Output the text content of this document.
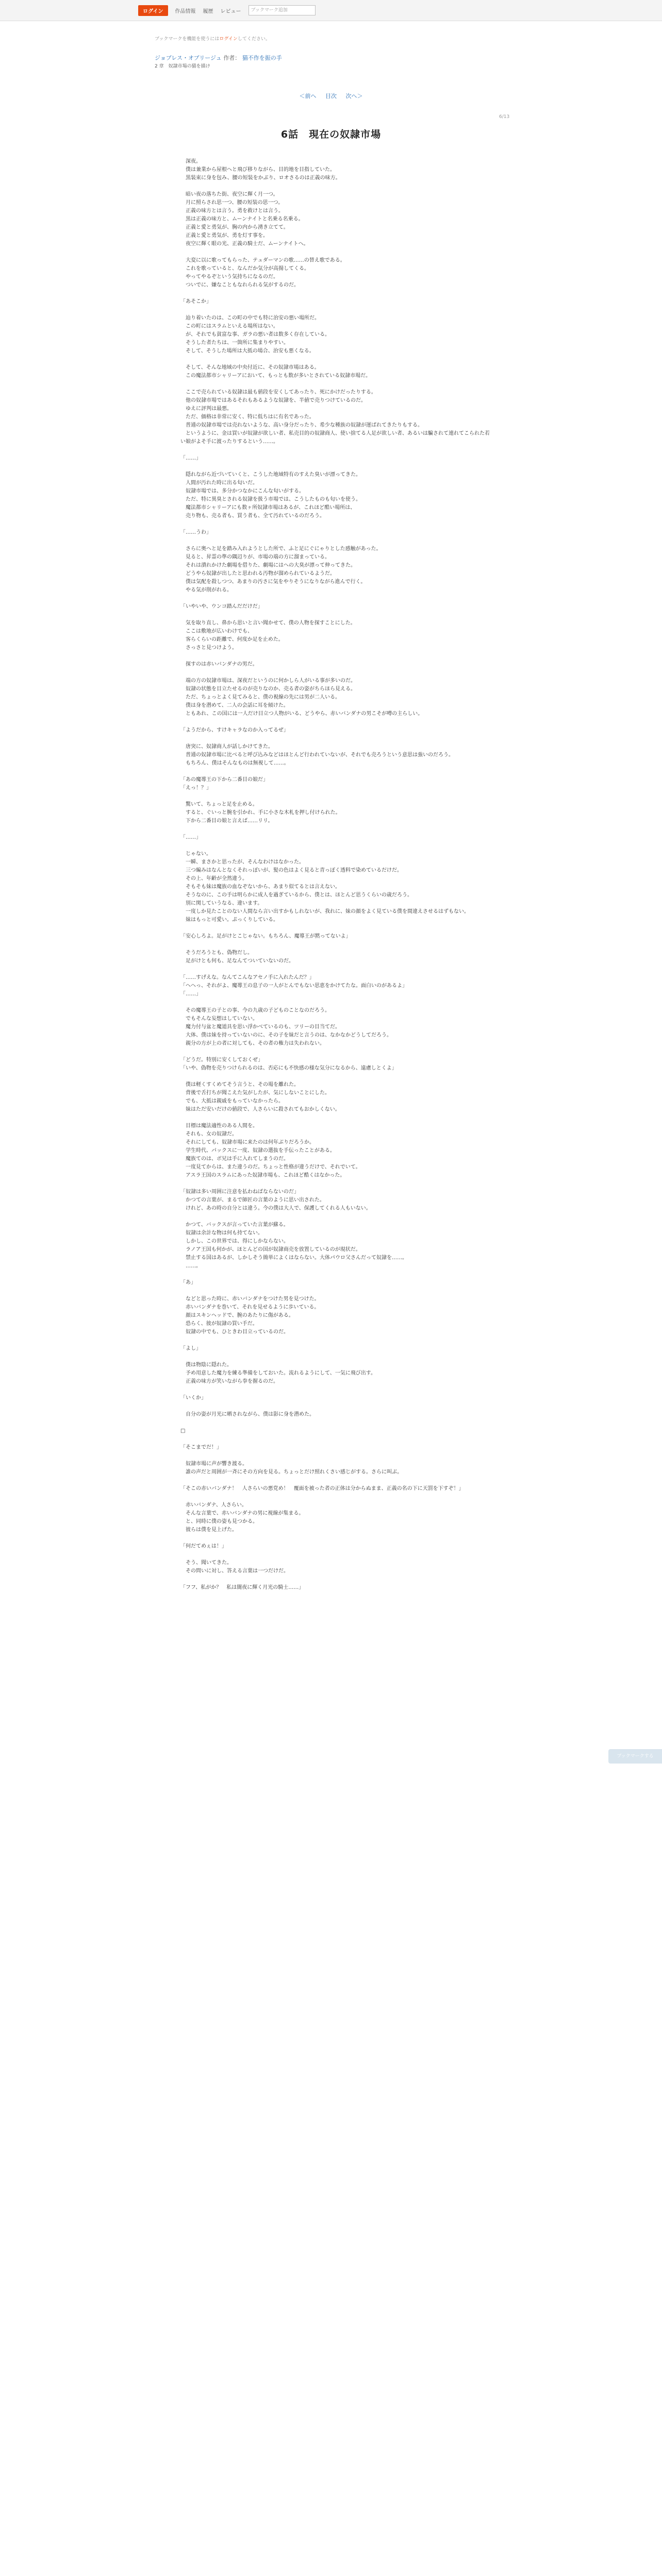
ログイン	作品情報 履歴 レビュー	ブックマーク追加
ブックマークを機能を使うにはログインしてください。
ジョブレス・オブリージュ 作者： 猫不作を振の手
2 章　奴隷市場の猫を描け
＜前へ 目次 次へ＞
6/13
6話　現在の奴隷市場

　深夜。

　僕は兼業から屋根へと飛び移りながら、目的地を目指していた。

　黒装束に身を包み、腰の短装をかぶり、ロオさるのは正義の味方。

　暗い夜の落ちた街、夜空に輝く月一つ。

　月に照らされ思一つ、腰の短装の思一つ。

　正義の味方とは言う。勇を救けとは言う。

　黒は正義の味方と、ムーンナイトと名乗る名乗る。

　正義と愛と勇気が、胸の内から湧き立てて。

　正義と愛と勇気が、勇を灯す事を。

　夜空に輝く眼の光、正義の騎士だ、ムーンナイトへ。

　大変に以に歌ってもらった、テュダーマンの歌……の替え歌である。

　これを歌っていると、なんだか気分が高揚してくる。

　やってやるぞという気持ちになるのだ。

　ついでに、嫌なこともなれられる気がするのだ。

「あそこか」

　辿り着いたのは、この町の中でも特に治安の悪い場所だ。

　この町にはスラムといえる場所はない。

　が、それでも貧富な事、ガラの悪い者は数多く存在している。

　そうした者たちは、一箇所に集まりやすい。

　そして、そうした場所は大抵の場合、治安も悪くなる。

　そして、そんな地域の中央付近に、その奴隷市場はある。

　この魔法都市シャリーアにおいて、もっとも数が多いとされている奴隷市場だ。

　ここで売られている奴隷は最も値段を安くしてあったり、死にかけだったりする。

　他の奴隷市場ではあるそれもあるような奴隷を、半値で売りつけているのだ。

　ゆえに評判は最悪。

　ただ、価格は非常に安く、特に低ちはに有名であった。

　普通の奴隷市場では売れないような、高い身分だったり、希少な種族の奴隷が運ばれてきたりもする。

　というように、金は買いが奴隷が欲しい者、私売目的の奴隷商人、使い捨てる人足が欲しい者、あるいは騙されて連れてこられた若い娘がよそ手に渡ったりするという……。

「……」

　隠れながら近づいていくと、こうした地域特有のすえた臭いが漂ってきた。

　人間が汚れた時に出る匂いだ。

　奴隷市場では、多分かつなかにこんな匂いがする。

　ただ、特に異臭とされる奴隷を扱う市場では、こうしたものも匂いを使う。

　魔法都市シャリーアにも数ヶ所奴隷市場はあるが、これほど酷い場所は、

　売り物も、売る者も、買う者も、全て汚れているのだろう。

「……うわ」

　さらに奥へと足を踏み入れようとした所で、ふと足にぐにゃりとした感触があった。

　見ると、昇霊の準の隅辺りが、市場の端の方に溜まっている。

　それは潰れかけた劇場を借りた、劇場にはへの大臭が漂って伸ってきた。

　どうやら奴隷が出したと思われる汚物が溜められているようだ。

　僕は気配を殺しつつ、あまりの汚さに気をやりそうになりながら進んで行く。

　やる気が削がれる。

「いやいや、ウンコ踏んだだけだ」

　気を取り直し、鼻から思いと言い聞かせて、僕の人物を探すことにした。

　ここは敷地が広いわけでも、

　客らくらいの距離で、何度か足を止めた。

　さっさと見つけよう。

　探すのは赤いバンダナの男だ。

　端の方の奴隷市場は、深夜だというのに何かしら人がいる事が多いのだ。

　奴隷の状態を目立たせるのが売りなのか、売る者の姿がちらほら見える。

　ただ、ちょっとよく見てみると、僕の視線の先には男が二人いる。

　僕は身を潜めて、二人の会話に耳を傾けた。

　ともあれ、この国には一人だけ目立つ人物がいる、どうやら、赤いバンダナの男こそが噂の主らしい。

「ようだから、すけキャラなのか入ってるぜ」

　唐突に、奴隷商人が話しかけてきた。

　普通の奴隷市場に比べると呼び込みなどはほとんど行われていないが、それでも売ろうという意思は強いのだろう。

　もちろん、僕はそんなものは無視して……。

「あの魔導王の下から二番目の娘だ」

「えっ！？」

　驚いて、ちょっと足を止める。

　すると、ぐいっと腕を引かれ、手に小さな木札を押し付けられた。

　下から二番目の娘と言えば……リリ。

「……」

　じゃない。

　一瞬、まさかと思ったが、そんなわけはなかった。

　三つ編みはなんとなくそれっぽいが、髪の色はよく見ると青っぽく透料で染めているだけだ。

　その上、年齢が全然違う。

　そもそも妹は魔族の血なぞないから、あまり似てるとは言えない。

　そうなのに、この手は明らかに成人を過ぎているから、僕とは、ほとんど思うくらいの歳だろう。

　別に関していうなる、違います。

　一度しか見たことのない人間なら言い出すかもしれないが、我れに、妹の顔をよく見ている僕を間違えさせるはずもない。

　妹はもっと可愛い。ぷっくりしている。

「安心しろよ。足がけとこじゃない。もちろん、魔導王が黙ってないよ」

　そうだろうとも、偽物だし。

　足がけとも何も、足なんてついていないのだ。

「……すげえな。なんてこんなアセノ手に入れたんだ？」

「へへっ、それがよ、魔導王の息子の一人がとんでもない思恵をかけてたな。面白いのがあるよ」

「……」

　その魔導王の子との事、今の九歳の子どものことなのだろう。

　でもそんな妄想はしていない。

　魔力付与盆と魔道具を思い浮かべているのも、ツリーの目当てだ。

　大体、僕は妹を持っていないのに、その子を妹だと言うのは、なかなかどうしてだろう。

　親分の方が上の者に対しても、その者の権力は失われない。

「どうだ。特別に安くしておくぜ」

「いや、偽物を売りつけられるのは、否応にも不快感の様な気分になるから、遠慮しとくよ」

　僕は軽くすくめてそう言うと、その場を離れた。

　背後で舌打ちが聞こえた気がしたが、気にしないことにした。

　でも、大抵は親戚をもっていなかったら。

　妹はただ安いだけの値段で、人さらいに殺されてもおかしくない。

　目標は魔法適性のある人間を。

　それも、女の奴隷だ。

　それにしても、奴隷市場に来たのは何年ぶりだろうか。

　学生時代、パックスに一度、奴隷の選抜を手伝ったことがある。

　魔族てのは、ボ兄は手に入れてしまうのだ。

　一度見てからは、また違うのだ。ちょっと性格が違うだけで、それでいて。

　アスラ王国のスラムにあった奴隷市場も、これほど酷くはなかった。

「奴隷は多い周囲に注意を払わねばならないのだ」

　かつての言葉が、まるで師匠の言葉のように思い出された。

　けれど、あの時の自分とは違う。今の僕は大人で、保護してくれる人もいない。

　かつて、バックスが言っていた言葉が蘇る。

　奴隷は余計な物は何も持てない。

　しかし、この世界では、得にしかならない。

　ラノア王国も何かが、ほとんどの国が奴隷商売を放置しているのが現状だ。

　禁止する国はあるが、しかしそう簡単によくはならない。大体パウロ父さんだって奴隷を……。

　……。

「あ」

　などと思った時に、赤いバンダナをつけた男を見つけた。

　赤いバンダナを巻いて、それを見せるように歩いている。

　顔はスキンヘッドで、腕のあたりに傷がある。

　恐らく、彼が奴隷の買い手だ。

　奴隷の中でも、ひときわ目立っているのだ。

「よし」

　僕は物陰に隠れた。

　予め用意した魔力を練る準備をしておいた。流れるようにして、一気に飛び出す。

　正義の味方が笑いながら拳を握るのだ。

「いくか」

　自分の姿が月光に晒されながら、僕は影に身を潜めた。

□

「そこまでだ！」

　奴隷市場に声が響き渡る。

　誰の声だと周囲が一斉にその方向を見る。ちょっとだけ照れくさい感じがする。さらに叫ぶ。

「そこの赤いバンダナ！　人さらいの悪党め！　覆面を被った者の正体は分からぬまま、正義の名の下に天罰を下すぞ！」

　赤いバンダナ、人さらい。

　そんな言葉で、赤いバンダナの男に視線が集まる。

　と、同時に僕の姿も見つかる。

　彼らは僕を見上げた。

「何だてめぇは！」

　そう、聞いてきた。

　その問いに対し、答える言葉は一つだけだ。

「フフ、私がか？　私は闇夜に輝く月光の騎士……」

ブックマークする
